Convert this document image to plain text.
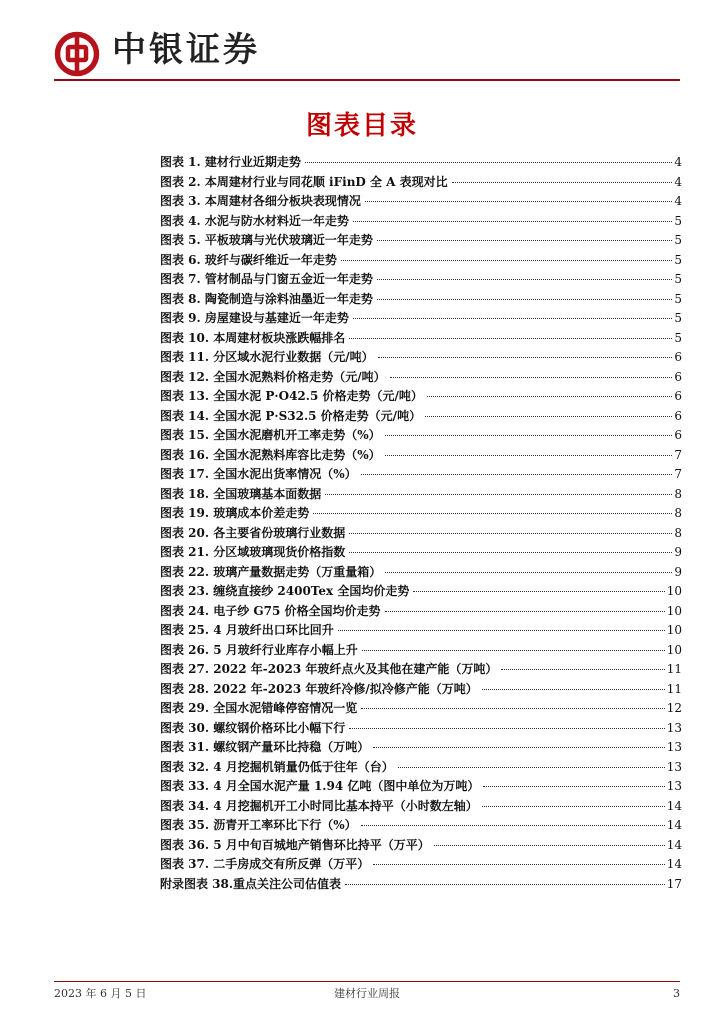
中银证券
图表目录
图表 1. 建材行业近期走势	4
图表 2. 本周建材行业与同花顺 iFinD 全 A 表现对比	4
图表 3. 本周建材各细分板块表现情况	4
图表 4. 水泥与防水材料近一年走势	5
图表 5. 平板玻璃与光伏玻璃近一年走势	5
图表 6. 玻纤与碳纤维近一年走势	5
图表 7. 管材制品与门窗五金近一年走势	5
图表 8. 陶瓷制造与涂料油墨近一年走势	5
图表 9. 房屋建设与基建近一年走势	5
图表 10. 本周建材板块涨跌幅排名	5
图表 11. 分区域水泥行业数据（元/吨）	6
图表 12. 全国水泥熟料价格走势（元/吨）	6
图表 13. 全国水泥 P·O42.5 价格走势（元/吨）	6
图表 14. 全国水泥 P·S32.5 价格走势（元/吨）	6
图表 15. 全国水泥磨机开工率走势（%）	6
图表 16. 全国水泥熟料库容比走势（%）	7
图表 17. 全国水泥出货率情况（%）	7
图表 18. 全国玻璃基本面数据	8
图表 19. 玻璃成本价差走势	8
图表 20. 各主要省份玻璃行业数据	8
图表 21. 分区域玻璃现货价格指数	9
图表 22. 玻璃产量数据走势（万重量箱）	9
图表 23. 缠绕直接纱 2400Tex 全国均价走势	10
图表 24. 电子纱 G75 价格全国均价走势	10
图表 25. 4 月玻纤出口环比回升	10
图表 26. 5 月玻纤行业库存小幅上升	10
图表 27. 2022 年-2023 年玻纤点火及其他在建产能（万吨）	11
图表 28. 2022 年-2023 年玻纤冷修/拟冷修产能（万吨）	11
图表 29. 全国水泥错峰停窑情况一览	12
图表 30. 螺纹钢价格环比小幅下行	13
图表 31. 螺纹钢产量环比持稳（万吨）	13
图表 32. 4 月挖掘机销量仍低于往年（台）	13
图表 33. 4 月全国水泥产量 1.94 亿吨（图中单位为万吨）	13
图表 34. 4 月挖掘机开工小时同比基本持平（小时数左轴）	14
图表 35. 沥青开工率环比下行（%）	14
图表 36. 5 月中旬百城地产销售环比持平（万平）	14
图表 37. 二手房成交有所反弹（万平）	14
附录图表 38.重点关注公司估值表	17
2023 年 6 月 5 日	建材行业周报	3
